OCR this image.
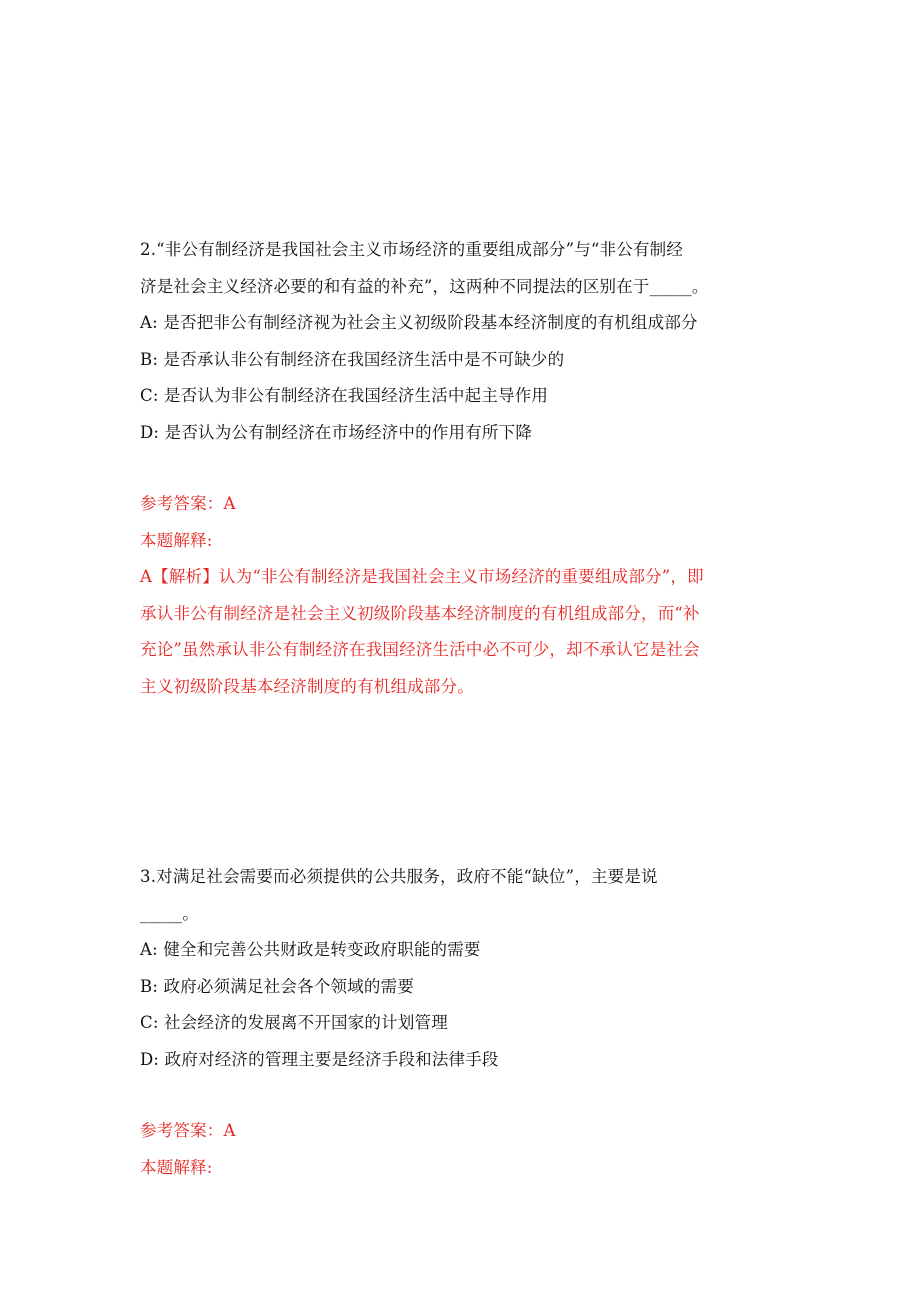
2.“非公有制经济是我国社会主义市场经济的重要组成部分”与“非公有制经
济是社会主义经济必要的和有益的补充”，这两种不同提法的区别在于_____。
A: 是否把非公有制经济视为社会主义初级阶段基本经济制度的有机组成部分
B: 是否承认非公有制经济在我国经济生活中是不可缺少的
C: 是否认为非公有制经济在我国经济生活中起主导作用
D: 是否认为公有制经济在市场经济中的作用有所下降
参考答案：A
本题解释:
A【解析】认为“非公有制经济是我国社会主义市场经济的重要组成部分”，即
承认非公有制经济是社会主义初级阶段基本经济制度的有机组成部分，而“补
充论”虽然承认非公有制经济在我国经济生活中必不可少，却不承认它是社会
主义初级阶段基本经济制度的有机组成部分。
3.对满足社会需要而必须提供的公共服务，政府不能“缺位”，主要是说
_____。
A: 健全和完善公共财政是转变政府职能的需要
B: 政府必须满足社会各个领域的需要
C: 社会经济的发展离不开国家的计划管理
D: 政府对经济的管理主要是经济手段和法律手段
参考答案：A
本题解释:
